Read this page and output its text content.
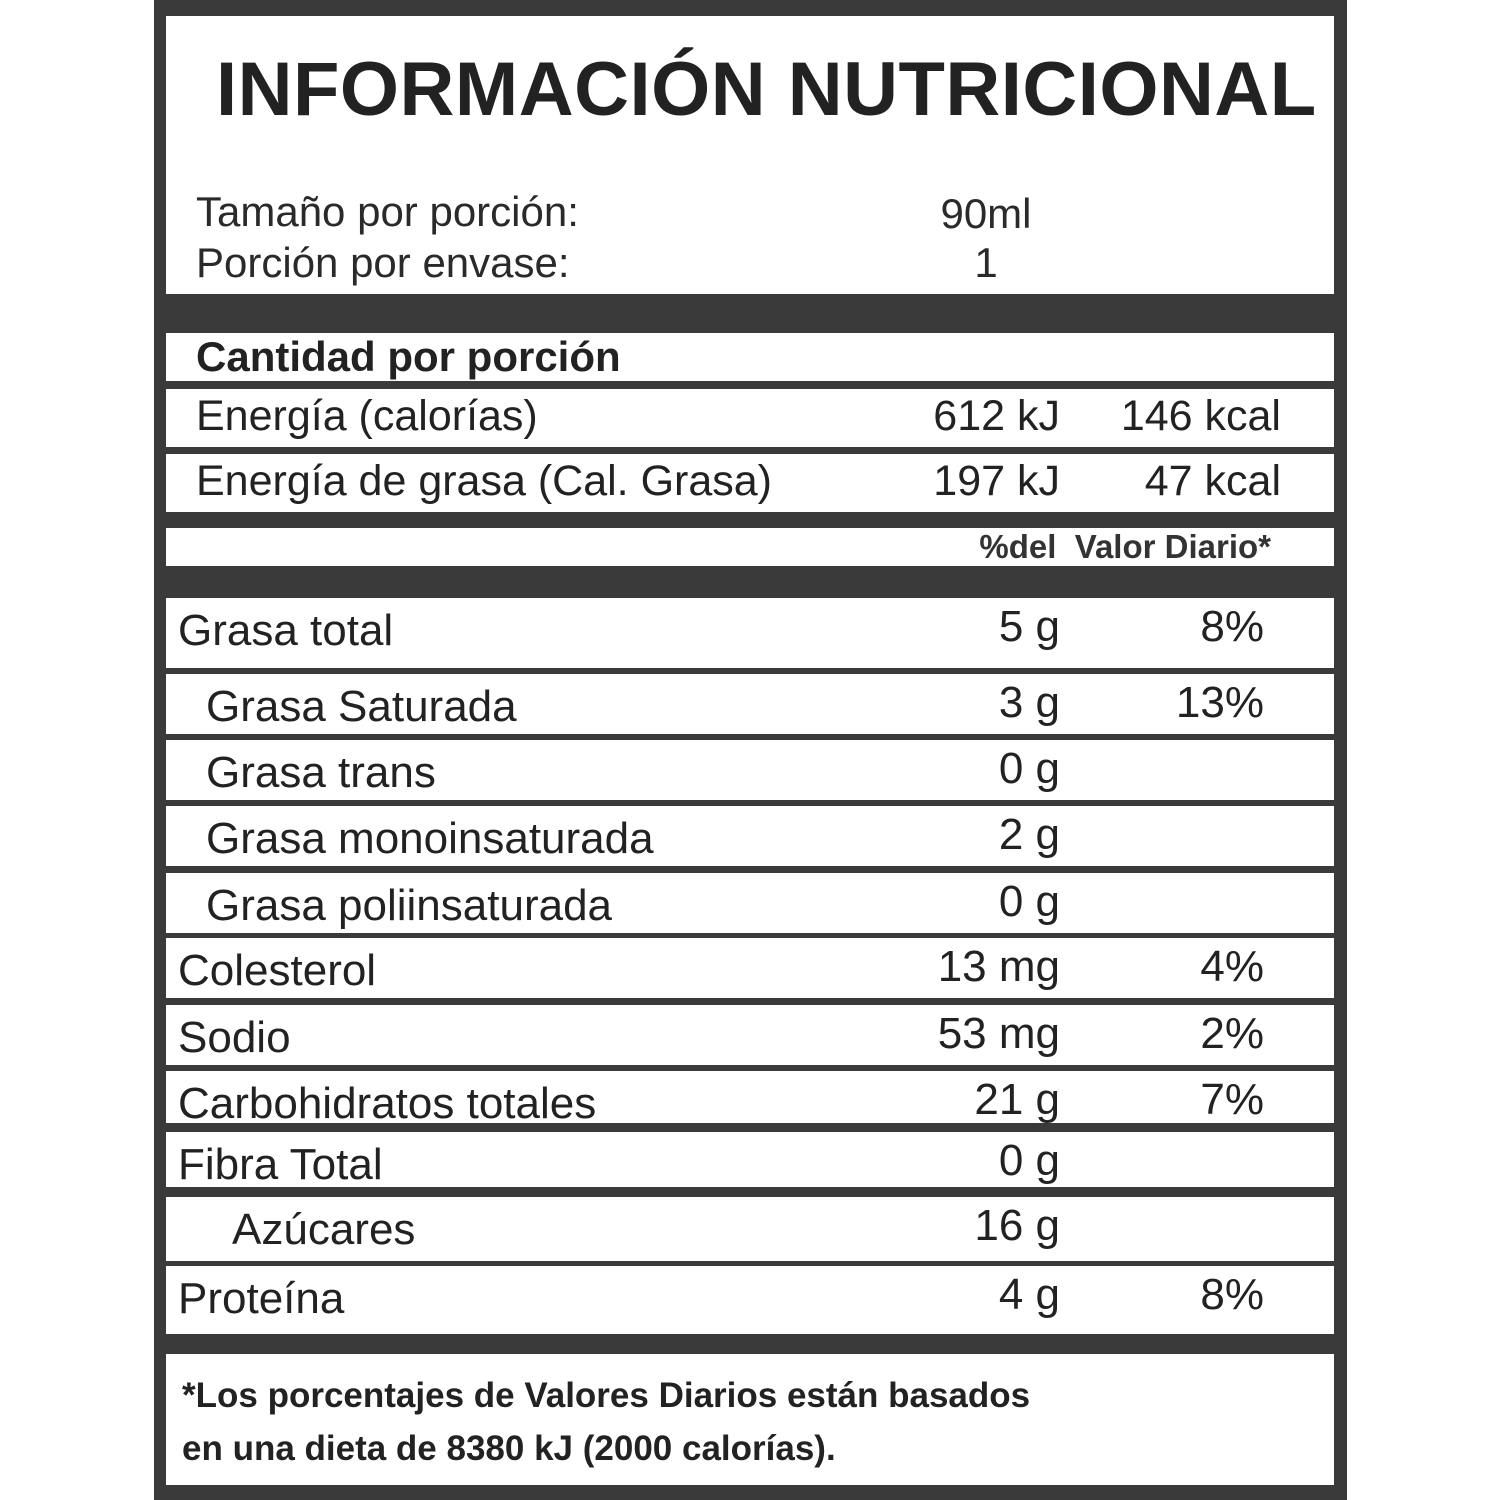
INFORMACIÓN NUTRICIONAL
Tamaño por porción:	90ml
Porción por envase:	1
Cantidad por porción
Energía (calorías)	612 kJ	146 kcal
Energía de grasa (Cal. Grasa)	197 kJ	47 kcal
%del  Valor Diario*
Grasa total	5 g	8%
Grasa Saturada	3 g	13%
Grasa trans	0 g
Grasa monoinsaturada	2 g
Grasa poliinsaturada	0 g
Colesterol	13 mg	4%
Sodio	53 mg	2%
Carbohidratos totales	21 g	7%
Fibra Total	0 g
Azúcares	16 g
Proteína	4 g	8%
*Los porcentajes de Valores Diarios están basados
en una dieta de 8380 kJ (2000 calorías).
